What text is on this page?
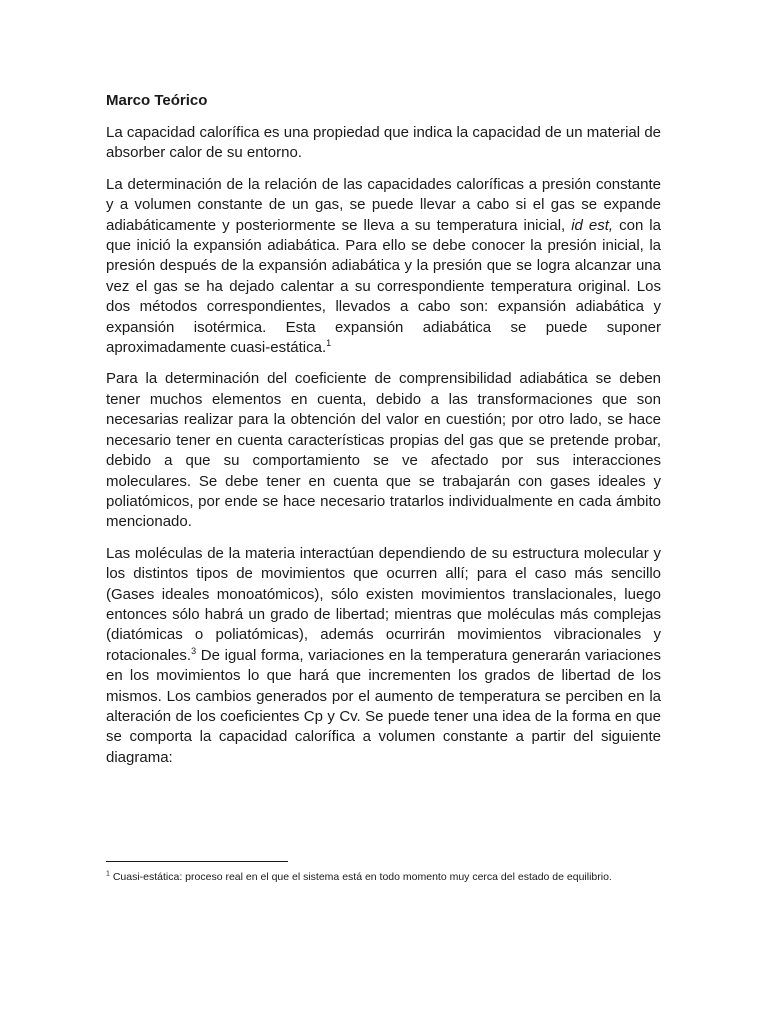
Marco Teórico

La capacidad calorífica es una propiedad que indica la capacidad de un material de absorber calor de su entorno.

La determinación de la relación de las capacidades caloríficas a presión constante y a volumen constante de un gas, se puede llevar a cabo si el gas se expande adiabáticamente y posteriormente se lleva a su temperatura inicial, id est, con la que inició la expansión adiabática. Para ello se debe conocer la presión inicial, la presión después de la expansión adiabática y la presión que se logra alcanzar una vez el gas se ha dejado calentar a su correspondiente temperatura original. Los dos métodos correspondientes, llevados a cabo son: expansión adiabática y expansión isotérmica. Esta expansión adiabática se puede suponer aproximadamente cuasi-estática.$^1$

Para la determinación del coeficiente de comprensibilidad adiabática se deben tener muchos elementos en cuenta, debido a las transformaciones que son necesarias realizar para la obtención del valor en cuestión; por otro lado, se hace necesario tener en cuenta características propias del gas que se pretende probar, debido a que su comportamiento se ve afectado por sus interacciones moleculares. Se debe tener en cuenta que se trabajarán con gases ideales y poliatómicos, por ende se hace necesario tratarlos individualmente en cada ámbito mencionado.

Las moléculas de la materia interactúan dependiendo de su estructura molecular y los distintos tipos de movimientos que ocurren allí; para el caso más sencillo (Gases ideales monoatómicos), sólo existen movimientos translacionales, luego entonces sólo habrá un grado de libertad; mientras que moléculas más complejas (diatómicas o poliatómicas), además ocurrirán movimientos vibracionales y rotacionales.$^3$ De igual forma, variaciones en la temperatura generarán variaciones en los movimientos lo que hará que incrementen los grados de libertad de los mismos. Los cambios generados por el aumento de temperatura se perciben en la alteración de los coeficientes Cp y Cv. Se puede tener una idea de la forma en que se comporta la capacidad calorífica a volumen constante a partir del siguiente diagrama:

$^1$ Cuasi-estática: proceso real en el que el sistema está en todo momento muy cerca del estado de equilibrio.
